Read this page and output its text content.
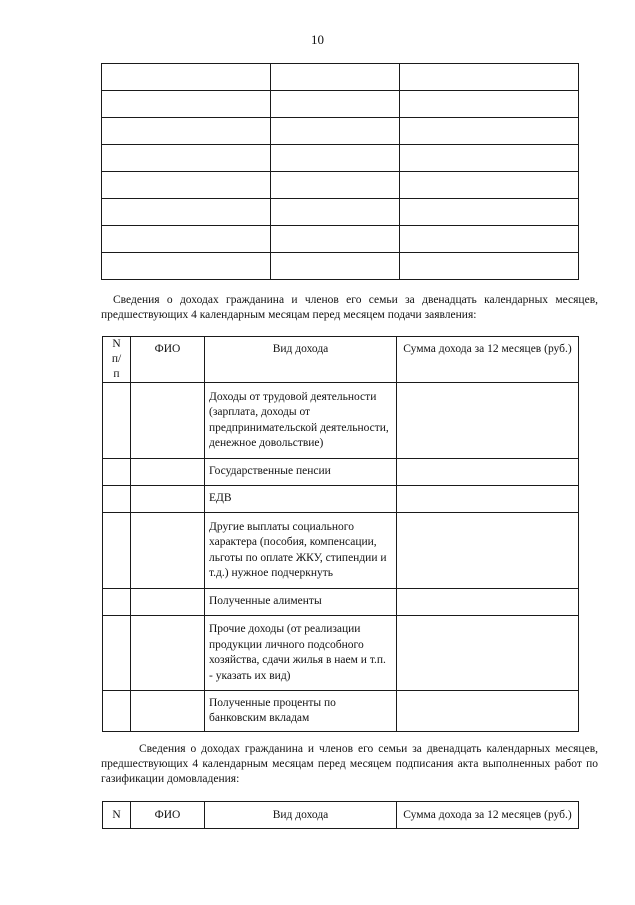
10

Сведения о доходах гражданина и членов его семьи за двенадцать календарных месяцев, предшествующих 4 календарным месяцам перед месяцем подачи заявления:
N п/п	ФИО	Вид дохода	Сумма дохода за 12 месяцев (руб.)
		Доходы от трудовой деятельности (зарплата, доходы от предпринимательской деятельности, денежное довольствие)	
		Государственные пенсии	
		ЕДВ	
		Другие выплаты социального характера (пособия, компенсации, льготы по оплате ЖКУ, стипендии и т.д.) нужное подчеркнуть	
		Полученные алименты	
		Прочие доходы (от реализации продукции личного подсобного хозяйства, сдачи жилья в наем и т.п. - указать их вид)	
		Полученные проценты по банковским вкладам	
Сведения о доходах гражданина и членов его семьи за двенадцать календарных месяцев, предшествующих 4 календарным месяцам перед месяцем подписания акта выполненных работ по газификации домовладения:
N	ФИО	Вид дохода	Сумма дохода за 12 месяцев (руб.)
